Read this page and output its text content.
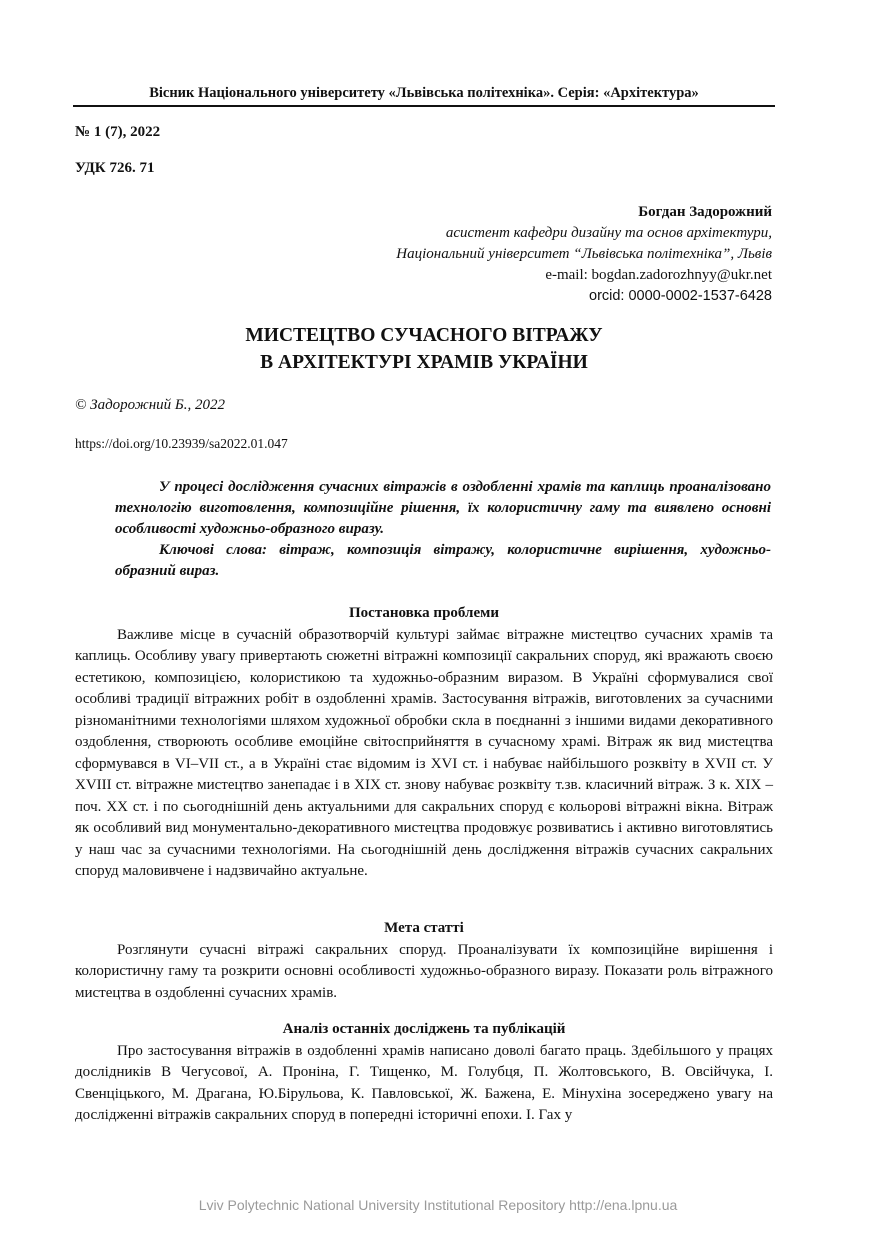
Вісник Національного університету «Львівська політехніка». Серія: «Архітектура»
№ 1 (7), 2022
УДК 726. 71
Богдан Задорожний
асистент кафедри дизайну та основ архітектури,
Національний університет “Львівська політехніка”, Львів
e-mail: bogdan.zadorozhnyy@ukr.net
orcid: 0000-0002-1537-6428
МИСТЕЦТВО СУЧАСНОГО ВІТРАЖУ
В АРХІТЕКТУРІ ХРАМІВ УКРАЇНИ
© Задорожний Б., 2022
https://doi.org/10.23939/sa2022.01.047

У процесі дослідження сучасних вітражів в оздобленні храмів та каплиць проаналізовано технологію виготовлення, композиційне рішення, їх колористичну гаму та виявлено основні особливості художньо-образного виразу.

Ключові слова: вітраж, композиція вітражу, колористичне вирішення, художньо-образний вираз.

Постановка проблеми

Важливе місце в сучасній образотворчій культурі займає вітражне мистецтво сучасних храмів та каплиць. Особливу увагу привертають сюжетні вітражні композиції сакральних споруд, які вражають своєю естетикою, композицією, колористикою та художньо-образним виразом. В Україні сформувалися свої особливі традиції вітражних робіт в оздобленні храмів. Застосування вітражів, виготовлених за сучасними різноманітними технологіями шляхом художньої обробки скла в поєднанні з іншими видами декоративного оздоблення, створюють особливе емоційне світосприйняття в сучасному храмі. Вітраж як вид мистецтва сформувався в VI–VII ст., а в Україні стає відомим із XVI ст. і набуває найбільшого розквіту в XVII ст. У XVIII ст. вітражне мистецтво занепадає і в XIX ст. знову набуває розквіту т.зв. класичний вітраж. З к. XIX – поч. XX ст. і по сьогоднішній день актуальними для сакральних споруд є кольорові вітражні вікна. Вітраж як особливий вид монументально-декоративного мистецтва продовжує розвиватись і активно виготовлятись у наш час за сучасними технологіями. На сьогоднішній день дослідження вітражів сучасних сакральних споруд маловивчене і надзвичайно актуальне.

Мета статті

Розглянути сучасні вітражі сакральних споруд. Проаналізувати їх композиційне вирішення і колористичну гаму та розкрити основні особливості художньо-образного виразу. Показати роль вітражного мистецтва в оздобленні сучасних храмів.

Аналіз останніх досліджень та публікацій

Про застосування вітражів в оздобленні храмів написано доволі багато праць. Здебільшого у працях дослідників В Чегусової, А. Проніна, Г. Тищенко, М. Голубця, П. Жолтовського, В. Овсійчука, І. Свенціцького, М. Драгана, Ю.Бірульова, К. Павловської, Ж. Бажена, Е. Мінухіна зосереджено увагу на дослідженні вітражів сакральних споруд в попередні історичні епохи. І. Гах у

Lviv Polytechnic National University Institutional Repository http://ena.lpnu.ua
